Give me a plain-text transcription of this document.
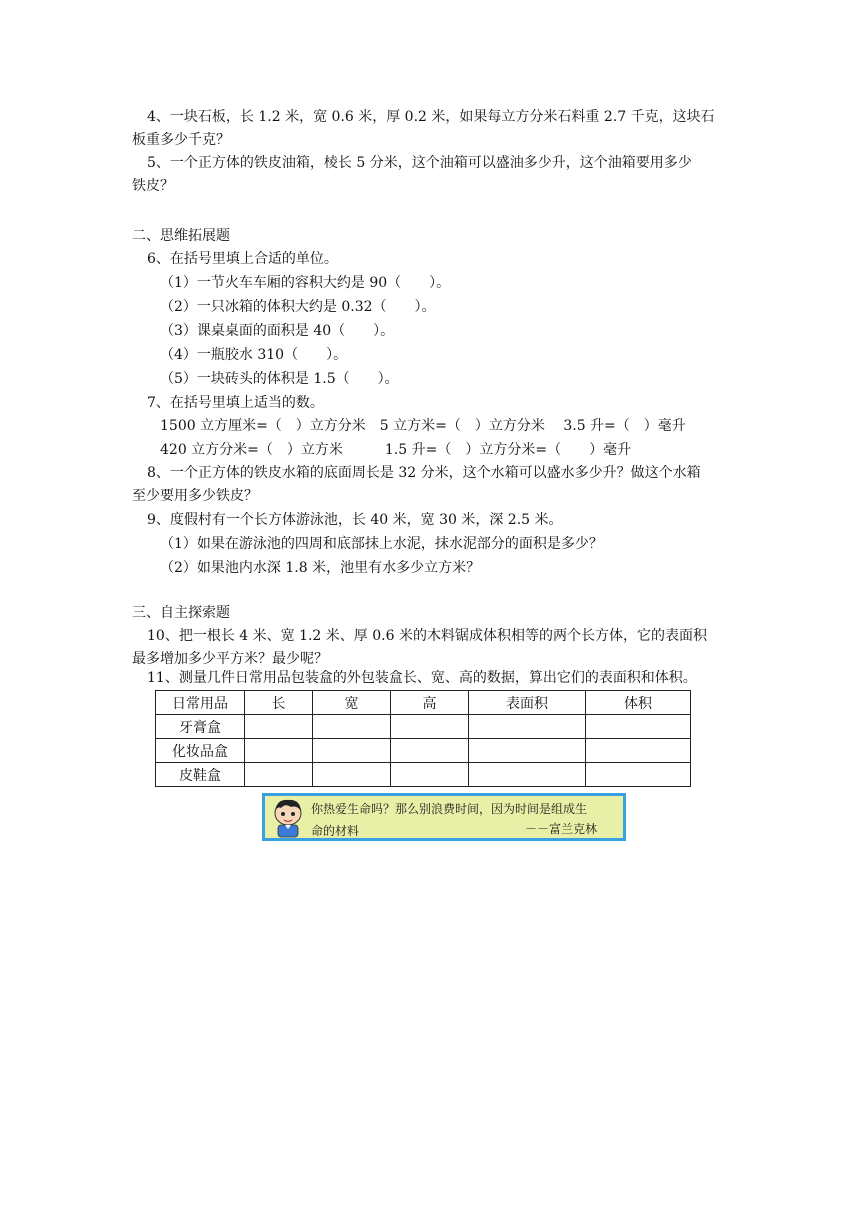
4、一块石板，长 1.2 米，宽 0.6 米，厚 0.2 米，如果每立方分米石料重 2.7 千克，这块石
板重多少千克？
5、一个正方体的铁皮油箱，棱长 5 分米，这个油箱可以盛油多少升，这个油箱要用多少
铁皮？
二、思维拓展题
6、在括号里填上合适的单位。
（1）一节火车车厢的容积大约是 90（　　）。
（2）一只冰箱的体积大约是 0.32（　　）。
（3）课桌桌面的面积是 40（　　）。
（4）一瓶胶水 310（　　）。
（5）一块砖头的体积是 1.5（　　）。
7、在括号里填上适当的数。
1500 立方厘米=（　）立方分米　5 立方米=（　）立方分米　 3.5 升=（　）毫升
420 立方分米=（　）立方米　　　1.5 升=（　）立方分米=（　　）毫升
8、一个正方体的铁皮水箱的底面周长是 32 分米，这个水箱可以盛水多少升？做这个水箱
至少要用多少铁皮？
9、度假村有一个长方体游泳池，长 40 米，宽 30 米，深 2.5 米。
（1）如果在游泳池的四周和底部抹上水泥，抹水泥部分的面积是多少？
（2）如果池内水深 1.8 米，池里有水多少立方米？
三、自主探索题
10、把一根长 4 米、宽 1.2 米、厚 0.6 米的木料锯成体积相等的两个长方体，它的表面积
最多增加多少平方米？最少呢？
11、测量几件日常用品包装盒的外包装盒长、宽、高的数据，算出它们的表面积和体积。
日常用品	长	宽	高	表面积	体积
牙膏盒					
化妆品盒					
皮鞋盒					
你热爱生命吗？那么别浪费时间，因为时间是组成生
命的材料	－－富兰克林
